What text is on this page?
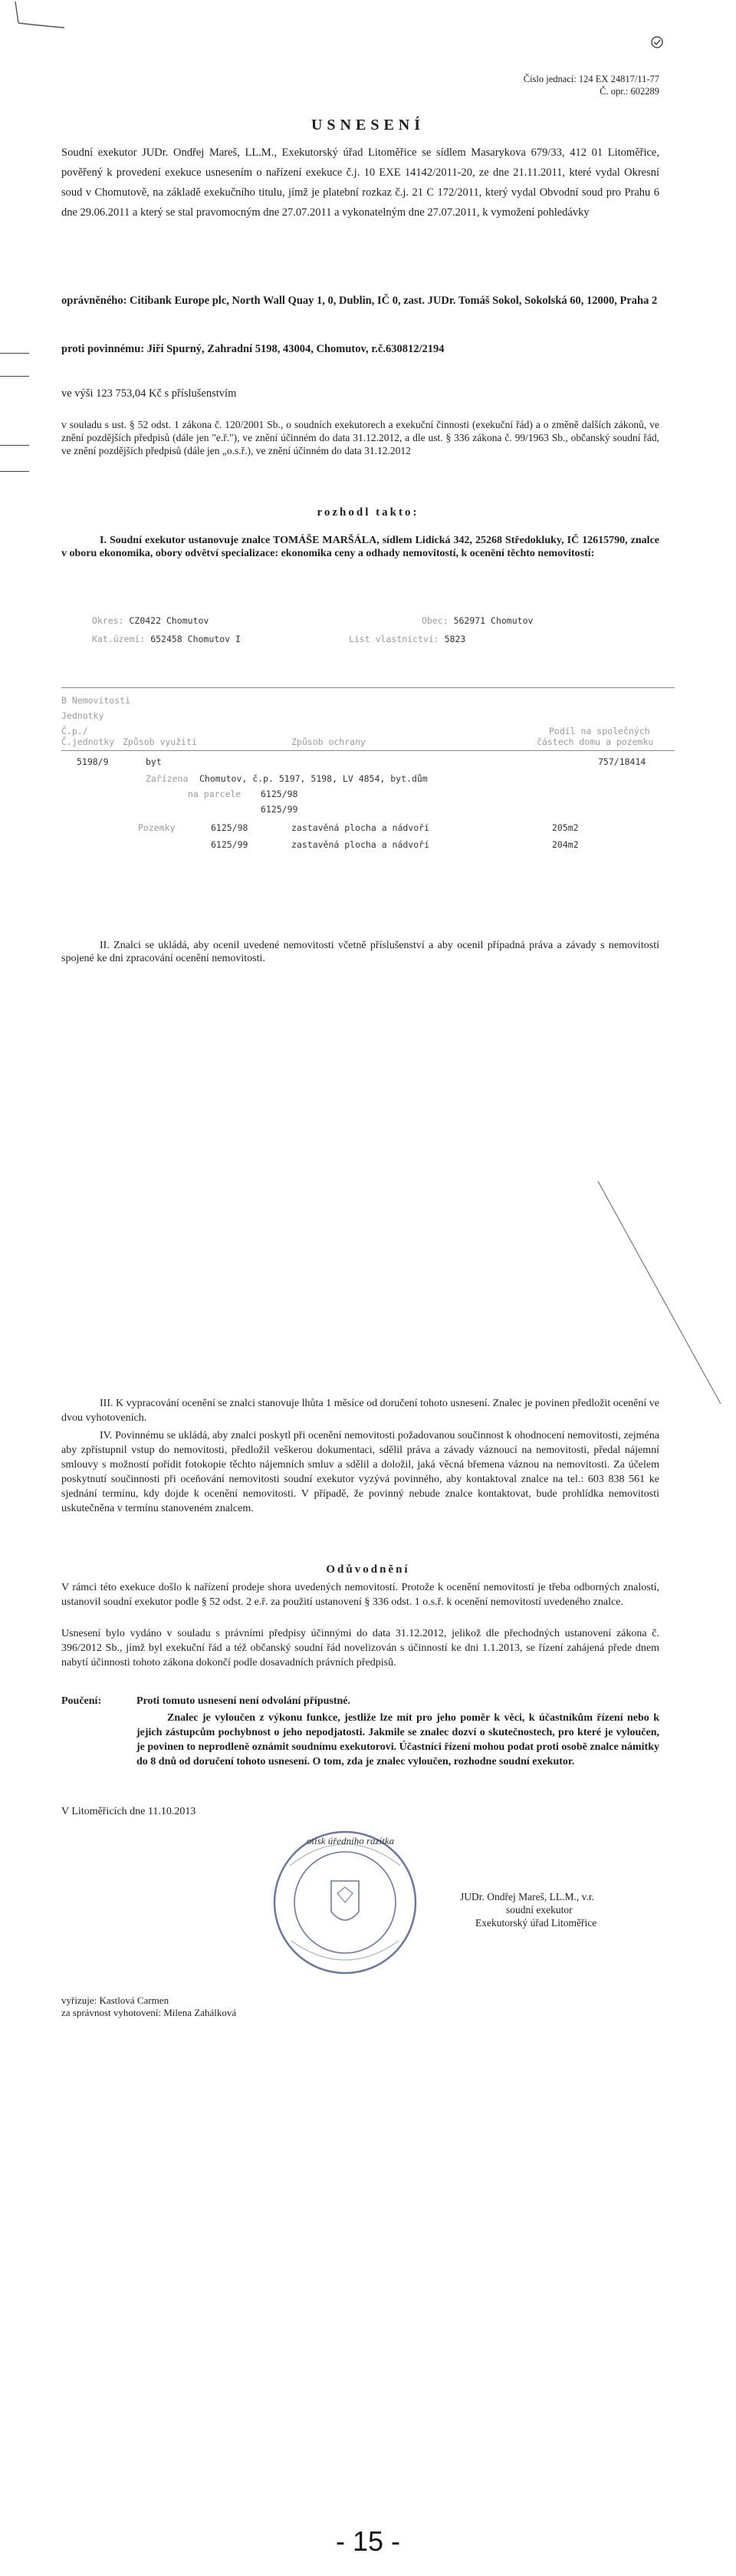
Číslo jednací: 124 EX 24817/11-77
Č. opr.: 602289
USNESENÍ
Soudní exekutor JUDr. Ondřej Mareš, LL.M., Exekutorský úřad Litoměřice se sídlem Masarykova 679/33, 412 01 Litoměřice, pověřený k provedení exekuce usnesením o nařízení exekuce č.j. 10 EXE 14142/2011-20, ze dne 21.11.2011, které vydal Okresní soud v Chomutově, na základě exekučního titulu, jímž je platební rozkaz č.j. 21 C 172/2011, který vydal Obvodní soud pro Prahu 6 dne 29.06.2011 a který se stal pravomocným dne 27.07.2011 a vykonatelným dne 27.07.2011, k vymožení pohledávky
oprávněného: Citibank Europe plc, North Wall Quay 1, 0, Dublin, IČ 0, zast. JUDr. Tomáš Sokol, Sokolská 60, 12000, Praha 2
proti povinnému: Jiří Spurný, Zahradní 5198, 43004, Chomutov, r.č.630812/2194
ve výši 123 753,04 Kč s příslušenstvím
v souladu s ust. § 52 odst. 1 zákona č. 120/2001 Sb., o soudních exekutorech a exekuční činnosti (exekuční řád) a o změně dalších zákonů, ve znění pozdějších předpisů (dále jen "e.ř."), ve znění účinném do data 31.12.2012, a dle ust. § 336 zákona č. 99/1963 Sb., občanský soudní řád, ve znění pozdějších předpisů (dále jen „o.s.ř.), ve znění účinném do data 31.12.2012
rozhodl takto:
I. Soudní exekutor ustanovuje znalce TOMÁŠE MARŠÁLA, sídlem Lidická 342, 25268 Středokluky, IČ 12615790, znalce v oboru ekonomika, obory odvětví specializace: ekonomika ceny a odhady nemovitostí, k ocenění těchto nemovitostí:
Okres: CZ0422 Chomutov	Obec: 562971 Chomutov
Kat.území: 652458 Chomutov I	List vlastnictví: 5823
B Nemovitosti
Jednotky
Č.p./
Č.jednotky Způsob využití	Způsob ochrany
Podíl na společných
částech domu a pozemku
5198/9	byt	757/18414
Zařízena Chomutov, č.p. 5197, 5198, LV 4854, byt.dům
na parcele 6125/98
6125/99
Pozemky	6125/98	zastavěná plocha a nádvoří	205m2
6125/99	zastavěná plocha a nádvoří	204m2
II. Znalci se ukládá, aby ocenil uvedené nemovitosti včetně příslušenství a aby ocenil případná práva a závady s nemovitostí spojené ke dni zpracování ocenění nemovitosti.
III. K vypracování ocenění se znalci stanovuje lhůta 1 měsíce od doručení tohoto usnesení. Znalec je povinen předložit ocenění ve dvou vyhotoveních.
IV. Povinnému se ukládá, aby znalci poskytl při ocenění nemovitosti požadovanou součinnost k ohodnocení nemovitosti, zejména aby zpřístupnil vstup do nemovitosti, předložil veškerou dokumentaci, sdělil práva a závady váznoucí na nemovitosti, předal nájemní smlouvy s možností pořídit fotokopie těchto nájemních smluv a sdělil a doložil, jaká věcná břemena váznou na nemovitosti. Za účelem poskytnutí součinnosti při oceňování nemovitosti soudní exekutor vyzývá povinného, aby kontaktoval znalce na tel.: 603 838 561 ke sjednání termínu, kdy dojde k ocenění nemovitosti. V případě, že povinný nebude znalce kontaktovat, bude prohlídka nemovitosti uskutečněna v termínu stanoveném znalcem.
Odůvodnění
V rámci této exekuce došlo k nařízení prodeje shora uvedených nemovitostí. Protože k ocenění nemovitostí je třeba odborných znalostí, ustanovil soudní exekutor podle § 52 odst. 2 e.ř. za použití ustanovení § 336 odst. 1 o.s.ř. k ocenění nemovitostí uvedeného znalce.
Usnesení bylo vydáno v souladu s právními předpisy účinnými do data 31.12.2012, jelikož dle přechodných ustanovení zákona č. 396/2012 Sb., jímž byl exekuční řád a též občanský soudní řád novelizován s účinností ke dni 1.1.2013, se řízení zahájená přede dnem nabytí účinnosti tohoto zákona dokončí podle dosavadních právních předpisů.
Poučení:	Proti tomuto usnesení není odvolání přípustné.
Znalec je vyloučen z výkonu funkce, jestliže lze mít pro jeho poměr k věci, k účastníkům řízení nebo k jejich zástupcům pochybnost o jeho nepodjatosti. Jakmile se znalec dozví o skutečnostech, pro které je vyloučen, je povinen to neprodleně oznámit soudnímu exekutorovi. Účastníci řízení mohou podat proti osobě znalce námitky do 8 dnů od doručení tohoto usnesení. O tom, zda je znalec vyloučen, rozhodne soudní exekutor.
V Litoměřicích dne 11.10.2013
otisk úředního razítka
JUDr. Ondřej Mareš, LL.M., v.r.
soudní exekutor
Exekutorský úřad Litoměřice
vyřizuje: Kastlová Carmen
za správnost vyhotovení: Milena Zahálková
- 15 -
